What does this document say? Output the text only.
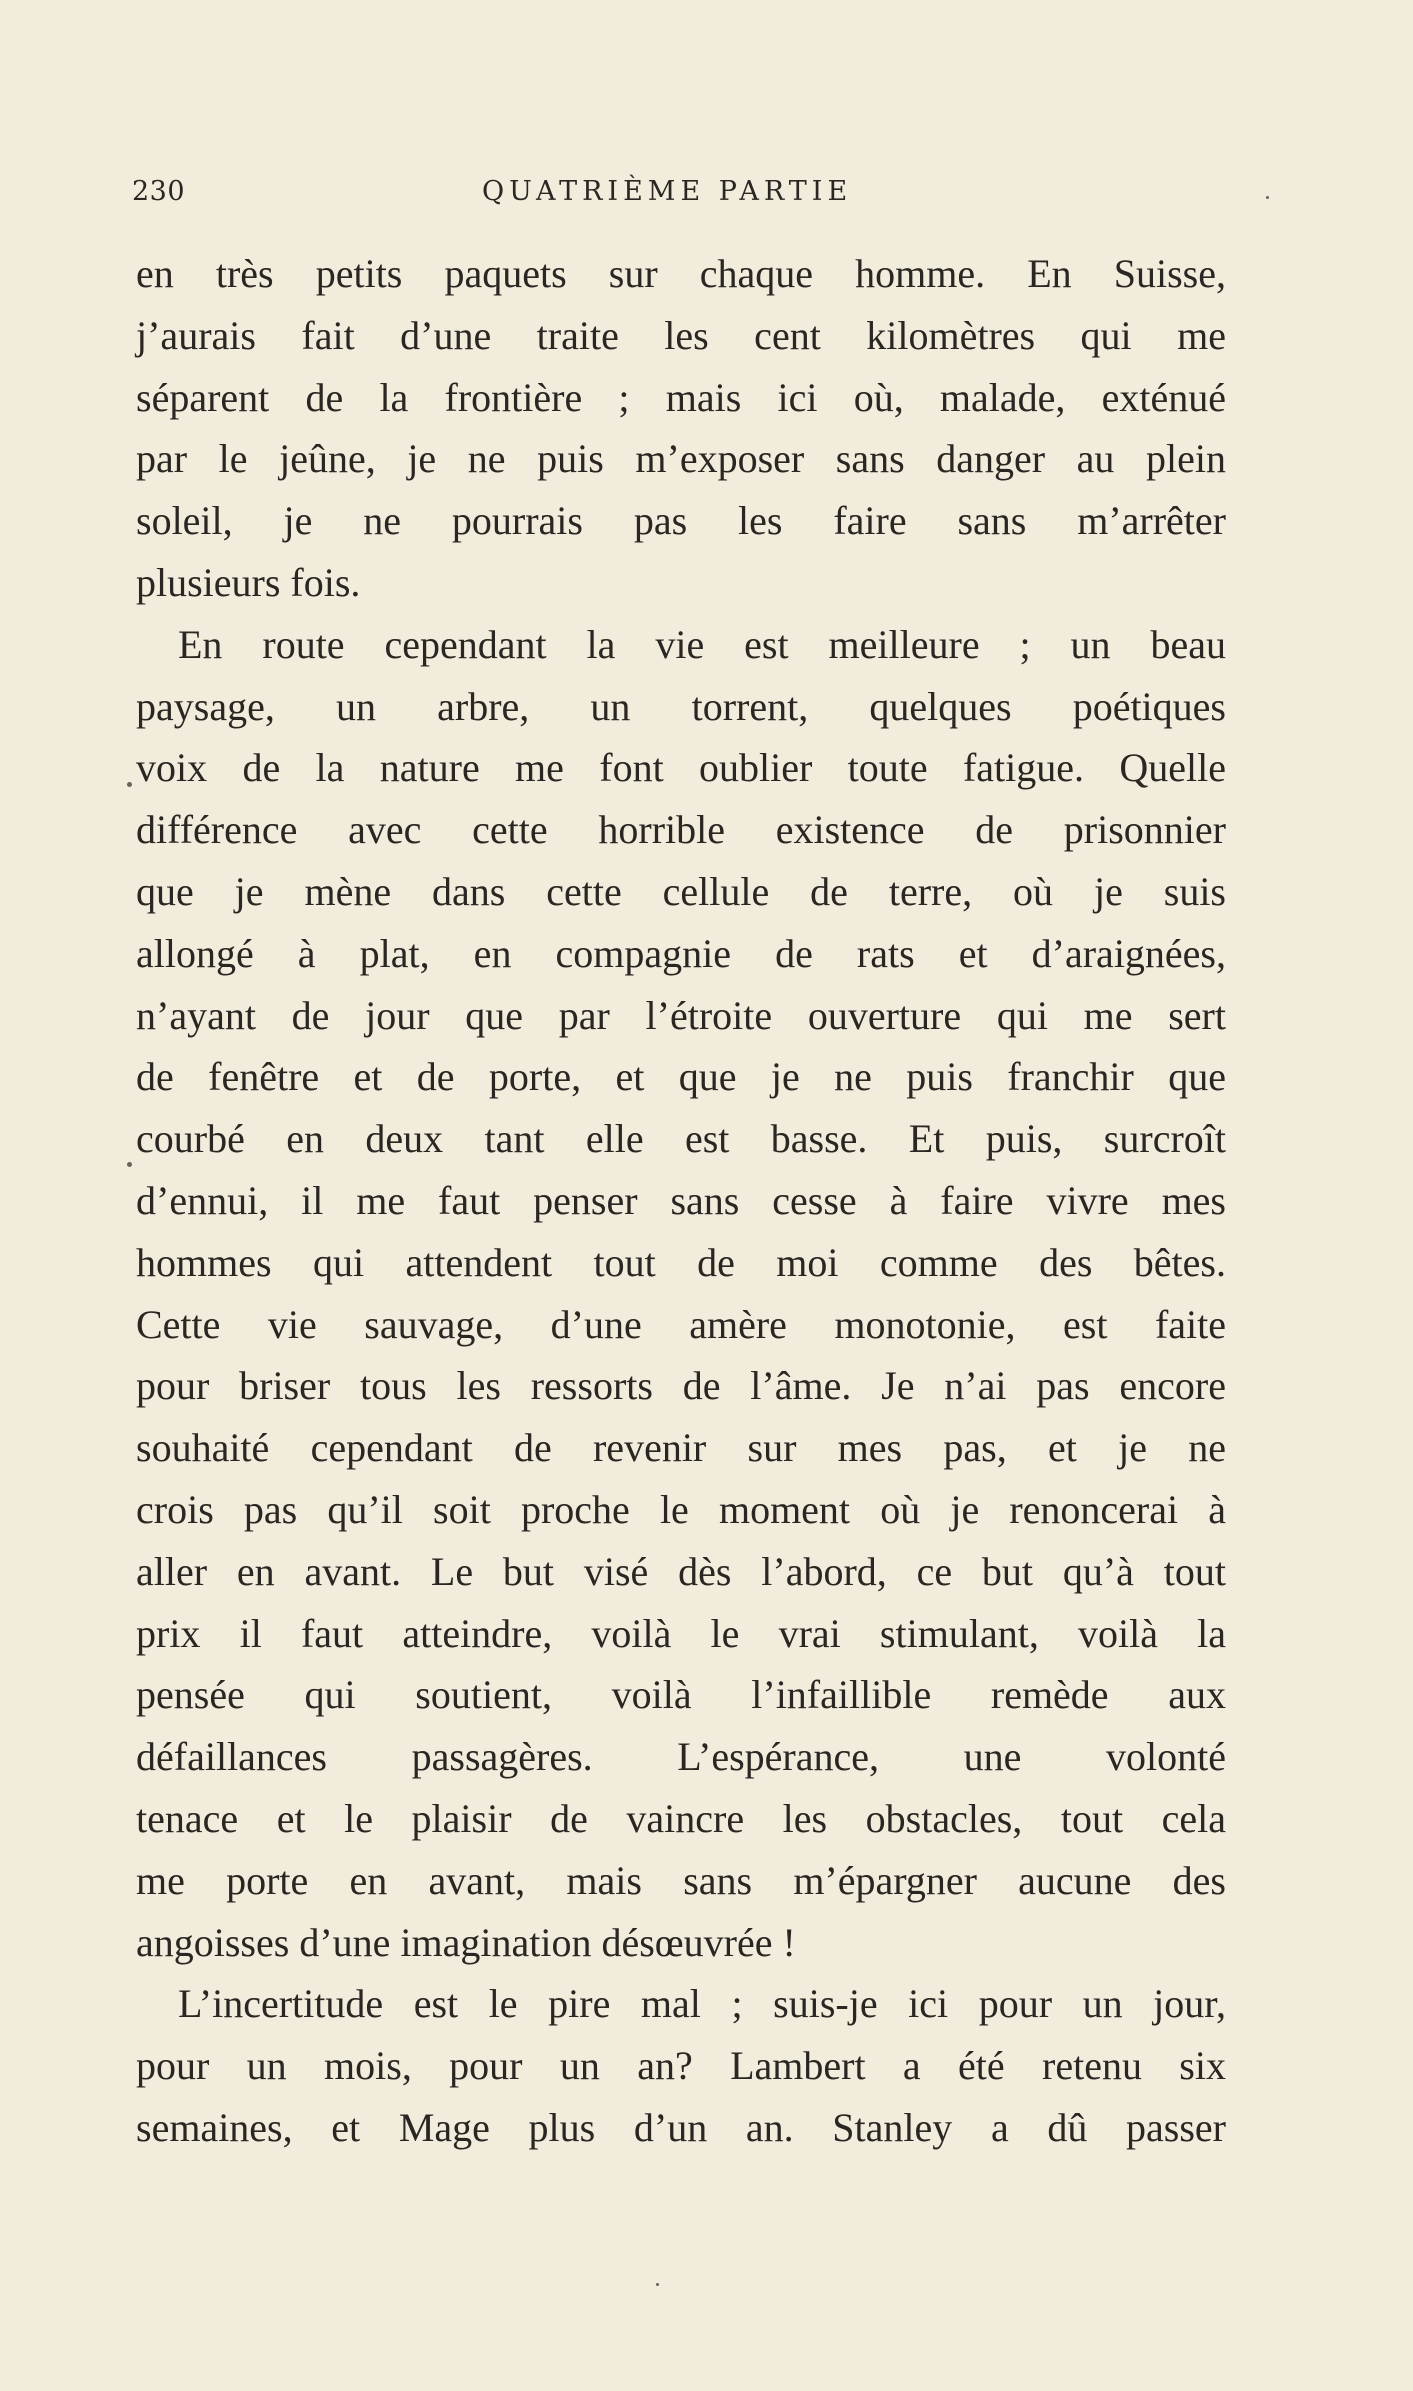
230	QUATRIÈME PARTIE
en très petits paquets sur chaque homme. En Suisse,
j’aurais fait d’une traite les cent kilomètres qui me
séparent de la frontière ; mais ici où, malade, exténué
par le jeûne, je ne puis m’exposer sans danger au plein
soleil, je ne pourrais pas les faire sans m’arrêter
plusieurs fois.
En route cependant la vie est meilleure ; un beau
paysage, un arbre, un torrent, quelques poétiques
voix de la nature me font oublier toute fatigue. Quelle
différence avec cette horrible existence de prisonnier
que je mène dans cette cellule de terre, où je suis
allongé à plat, en compagnie de rats et d’araignées,
n’ayant de jour que par l’étroite ouverture qui me sert
de fenêtre et de porte, et que je ne puis franchir que
courbé en deux tant elle est basse. Et puis, surcroît
d’ennui, il me faut penser sans cesse à faire vivre mes
hommes qui attendent tout de moi comme des bêtes.
Cette vie sauvage, d’une amère monotonie, est faite
pour briser tous les ressorts de l’âme. Je n’ai pas encore
souhaité cependant de revenir sur mes pas, et je ne
crois pas qu’il soit proche le moment où je renoncerai à
aller en avant. Le but visé dès l’abord, ce but qu’à tout
prix il faut atteindre, voilà le vrai stimulant, voilà la
pensée qui soutient, voilà l’infaillible remède aux
défaillances passagères. L’espérance, une volonté
tenace et le plaisir de vaincre les obstacles, tout cela
me porte en avant, mais sans m’épargner aucune des
angoisses d’une imagination désœuvrée !
L’incertitude est le pire mal ; suis-je ici pour un jour,
pour un mois, pour un an? Lambert a été retenu six
semaines, et Mage plus d’un an. Stanley a dû passer
